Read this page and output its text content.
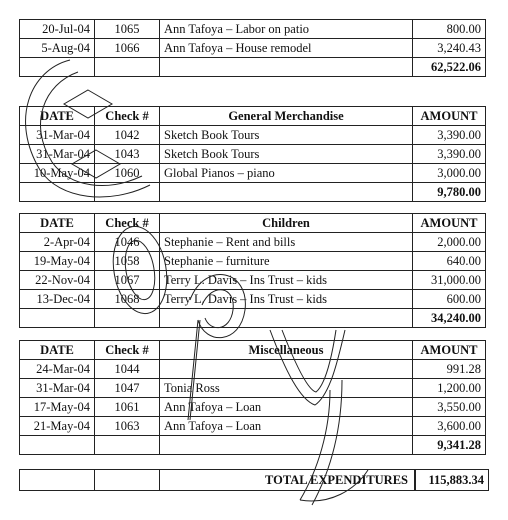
20-Jul-04	1065	Ann Tafoya – Labor on patio	800.00
5-Aug-04	1066	Ann Tafoya – House remodel	3,240.43
			62,522.06
DATE	Check #	General Merchandise	AMOUNT
31-Mar-04	1042	Sketch Book Tours	3,390.00
31-Mar-04	1043	Sketch Book Tours	3,390.00
10-May-04	1060	Global Pianos – piano	3,000.00
			9,780.00
DATE	Check #	Children	AMOUNT
2-Apr-04	1046	Stephanie – Rent and bills	2,000.00
19-May-04	1058	Stephanie – furniture	640.00
22-Nov-04	1067	Terry L. Davis – Ins Trust – kids	31,000.00
13-Dec-04	1068	Terry L. Davis – Ins Trust – kids	600.00
			34,240.00
DATE	Check #	Miscellaneous	AMOUNT
24-Mar-04	1044		991.28
31-Mar-04	1047	Tonia Ross	1,200.00
17-May-04	1061	Ann Tafoya – Loan	3,550.00
21-May-04	1063	Ann Tafoya – Loan	3,600.00
			9,341.28
		TOTAL EXPENDITURES	115,883.34
